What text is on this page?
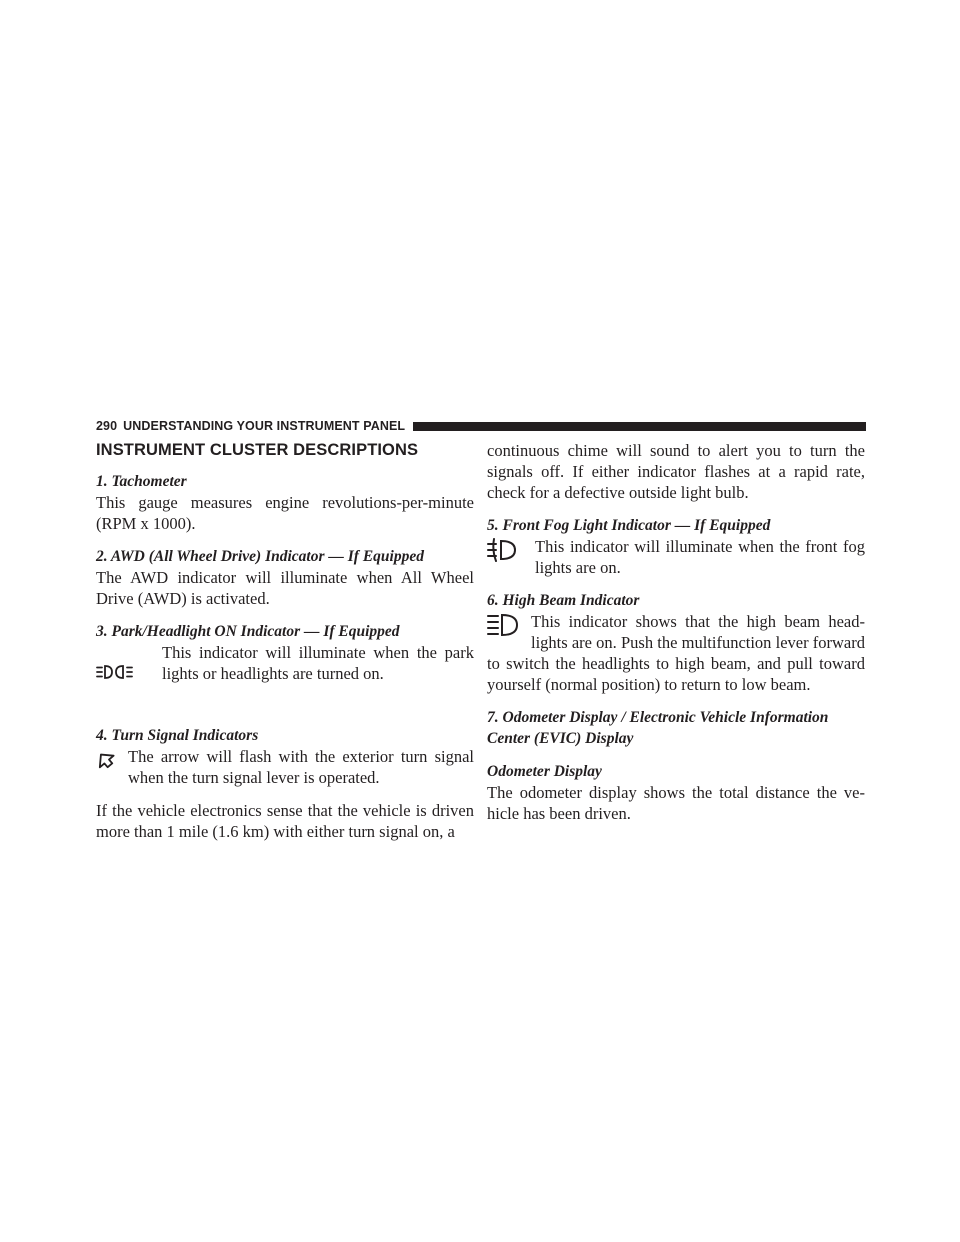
290 UNDERSTANDING YOUR INSTRUMENT PANEL
INSTRUMENT CLUSTER DESCRIPTIONS

1. Tachometer

This gauge measures engine revolutions-per-minute (RPM x 1000).

2. AWD (All Wheel Drive) Indicator — If Equipped

The AWD indicator will illuminate when All Wheel Drive (AWD) is activated.

3. Park/Headlight ON Indicator — If Equipped

This indicator will illuminate when the park lights or headlights are turned on.

4. Turn Signal Indicators

The arrow will flash with the exterior turn signal when the turn signal lever is operated.

If the vehicle electronics sense that the vehicle is driven more than 1 mile (1.6 km) with either turn signal on, a

continuous chime will sound to alert you to turn the signals off. If either indicator flashes at a rapid rate, check for a defective outside light bulb.

5. Front Fog Light Indicator — If Equipped

This indicator will illuminate when the front fog lights are on.

6. High Beam Indicator

This indicator shows that the high beam head-lights are on. Push the multifunction lever forward to switch the headlights to high beam, and pull toward yourself (normal position) to return to low beam.

7. Odometer Display / Electronic Vehicle Information Center (EVIC) Display

Odometer Display

The odometer display shows the total distance the ve-hicle has been driven.
